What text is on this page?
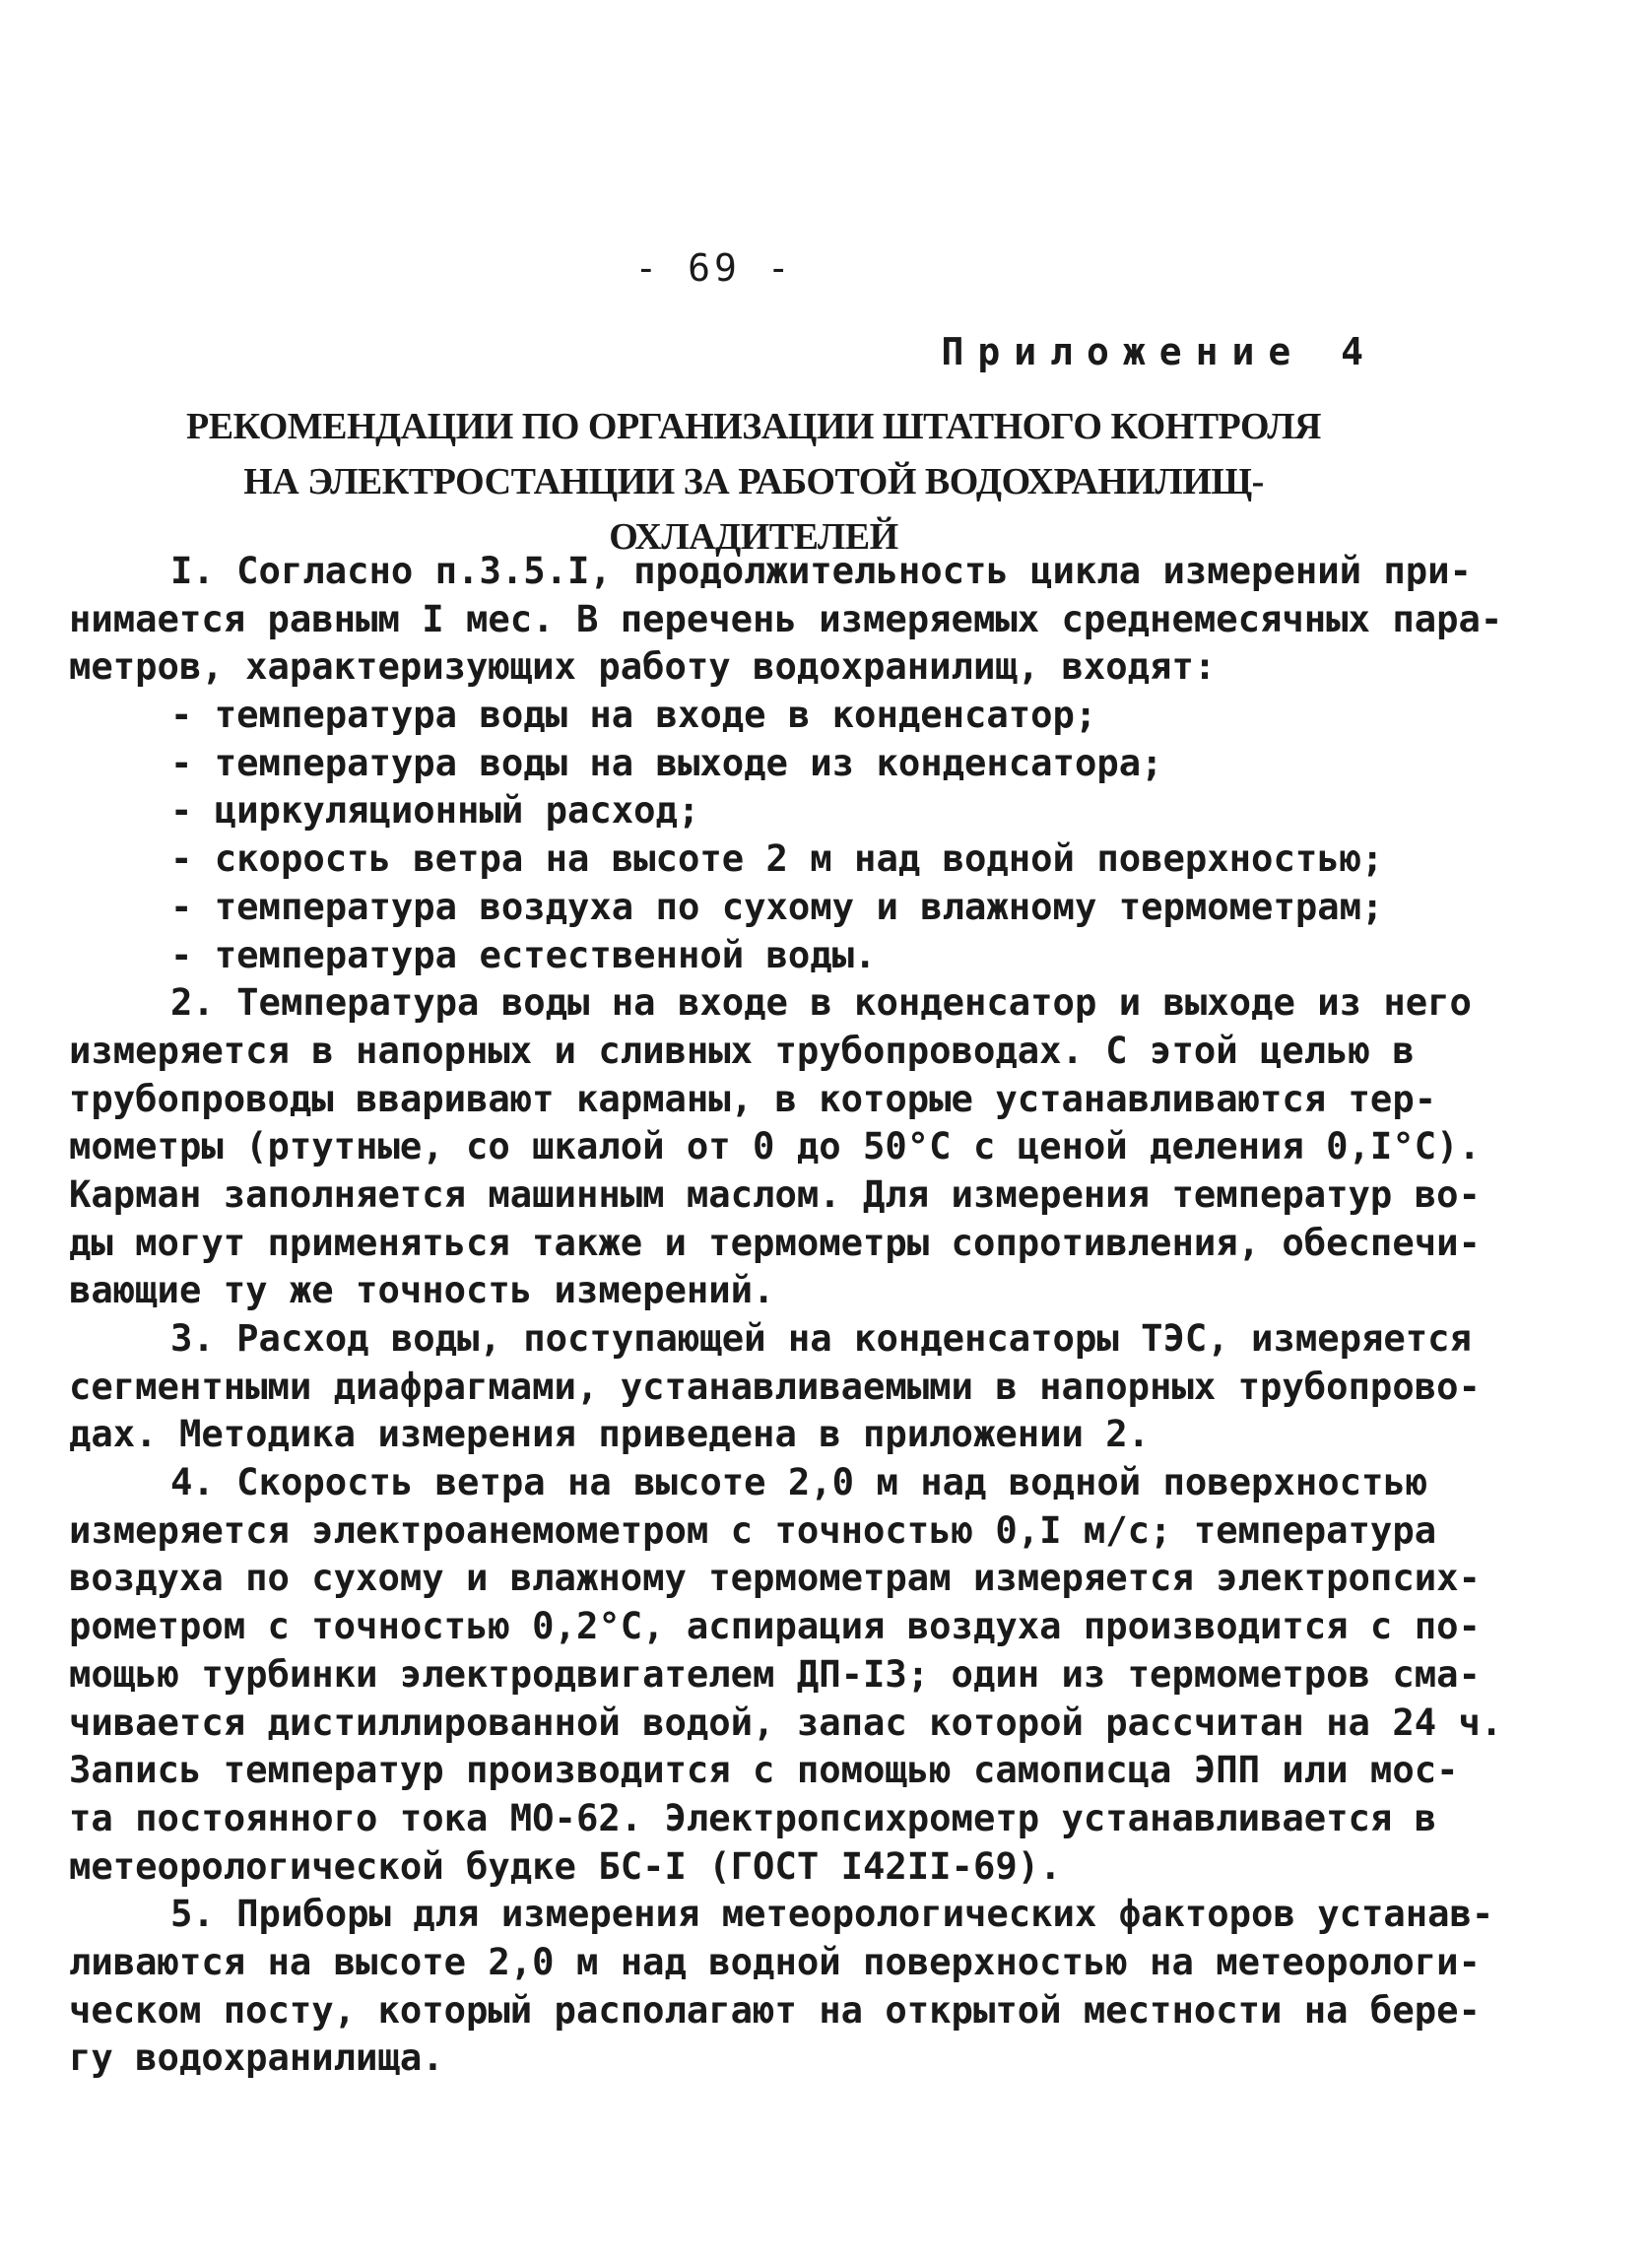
- 69 -
Приложение 4
РЕКОМЕНДАЦИИ ПО ОРГАНИЗАЦИИ ШТАТНОГО КОНТРОЛЯ
НА ЭЛЕКТРОСТАНЦИИ ЗА РАБОТОЙ ВОДОХРАНИЛИЩ-ОХЛАДИТЕЛЕЙ
I. Согласно п.3.5.I, продолжительность цикла измерений при-
нимается равным I мес. В перечень измеряемых среднемесячных пара-
метров, характеризующих работу водохранилищ, входят:
- температура воды на входе в конденсатор;
- температура воды на выходе из конденсатора;
- циркуляционный расход;
- скорость ветра на высоте 2 м над водной поверхностью;
- температура воздуха по сухому и влажному термометрам;
- температура естественной воды.
2. Температура воды на входе в конденсатор и выходе из него
измеряется в напорных и сливных трубопроводах. С этой целью в
трубопроводы вваривают карманы, в которые устанавливаются тер-
мометры (ртутные, со шкалой от 0 до 50°С с ценой деления 0,I°С).
Карман заполняется машинным маслом. Для измерения температур во-
ды могут применяться также и термометры сопротивления, обеспечи-
вающие ту же точность измерений.
3. Расход воды, поступающей на конденсаторы ТЭС, измеряется
сегментными диафрагмами, устанавливаемыми в напорных трубопрово-
дах. Методика измерения приведена в приложении 2.
4. Скорость ветра на высоте 2,0 м над водной поверхностью
измеряется электроанемометром с точностью 0,I м/с; температура
воздуха по сухому и влажному термометрам измеряется электропсих-
рометром с точностью 0,2°С, аспирация воздуха производится с по-
мощью турбинки электродвигателем ДП-I3; один из термометров сма-
чивается дистиллированной водой, запас которой рассчитан на 24 ч.
Запись температур производится с помощью самописца ЭПП или мос-
та постоянного тока МО-62. Электропсихрометр устанавливается в
метеорологической будке БС-I (ГОСТ I42II-69).
5. Приборы для измерения метеорологических факторов устанав-
ливаются на высоте 2,0 м над водной поверхностью на метеорологи-
ческом посту, который располагают на открытой местности на бере-
гу водохранилища.
